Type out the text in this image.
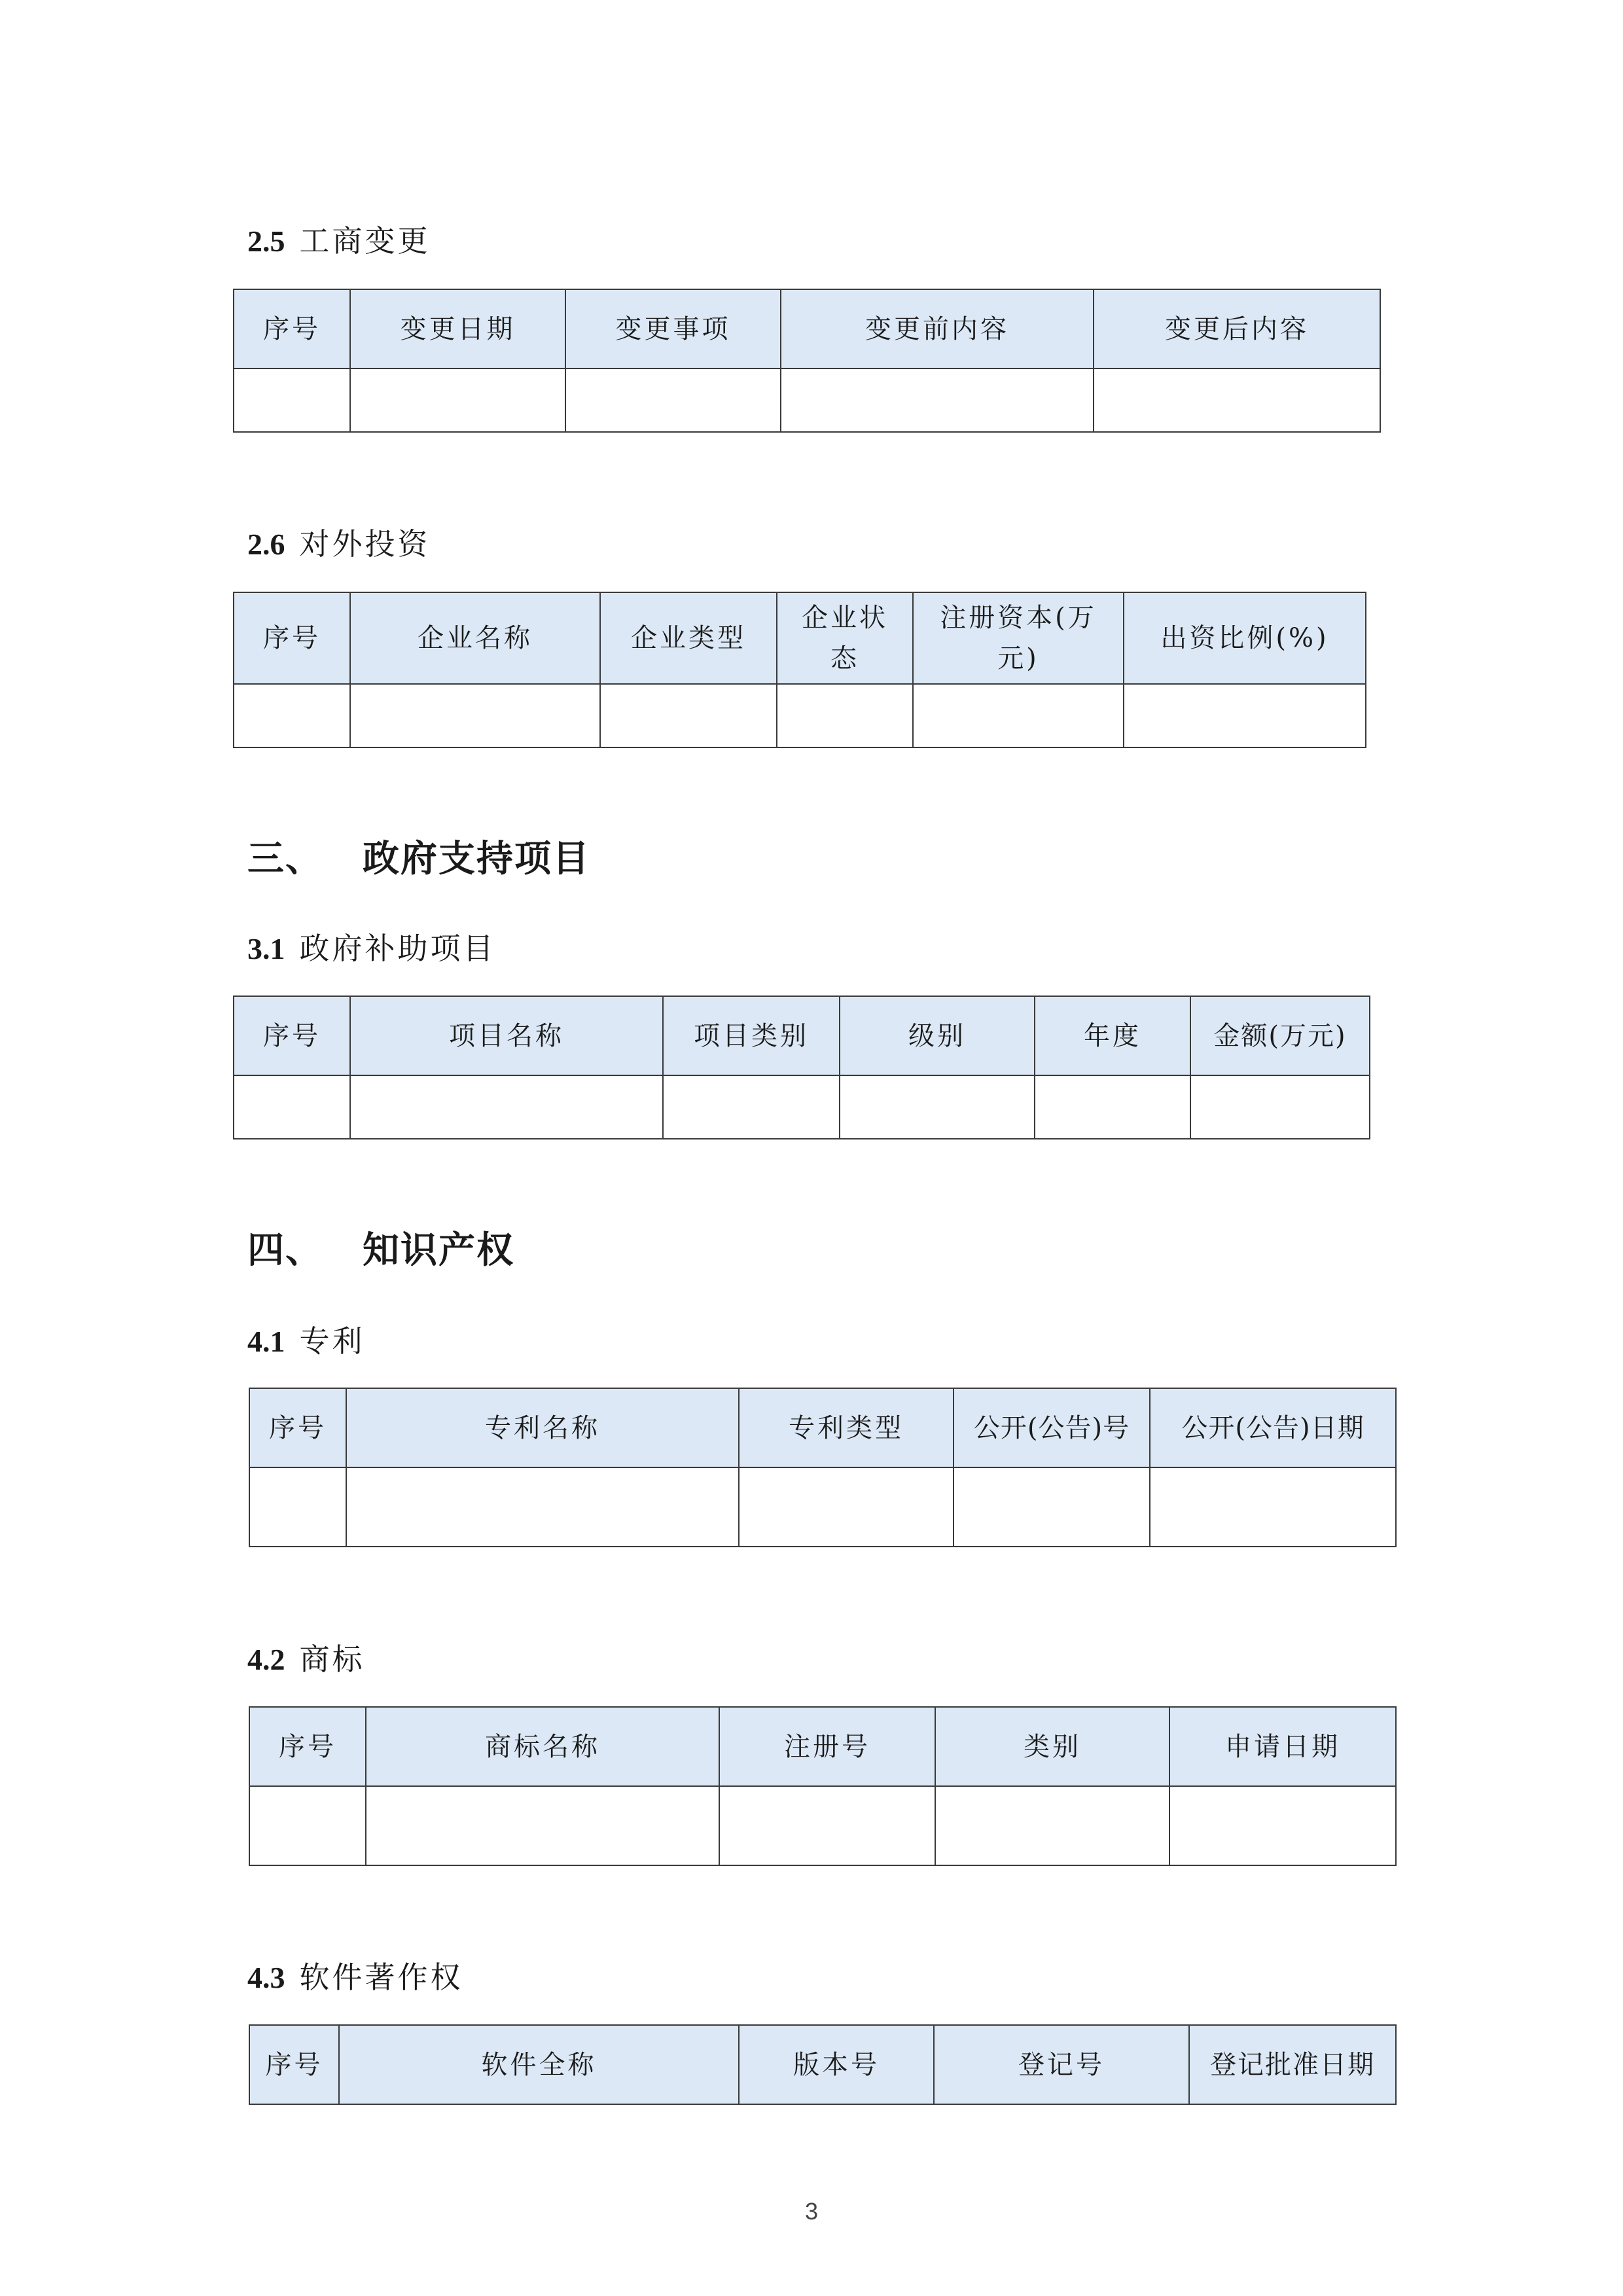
2.5 工商变更
序号	变更日期	变更事项	变更前内容	变更后内容

2.6 对外投资
序号	企业名称	企业类型	企业状态	注册资本(万元)	出资比例(%)

三、 政府支持项目
3.1 政府补助项目
序号	项目名称	项目类别	级别	年度	金额(万元)

四、 知识产权
4.1 专利
序号	专利名称	专利类型	公开(公告)号	公开(公告)日期

4.2 商标
序号	商标名称	注册号	类别	申请日期

4.3 软件著作权
序号	软件全称	版本号	登记号	登记批准日期
3
